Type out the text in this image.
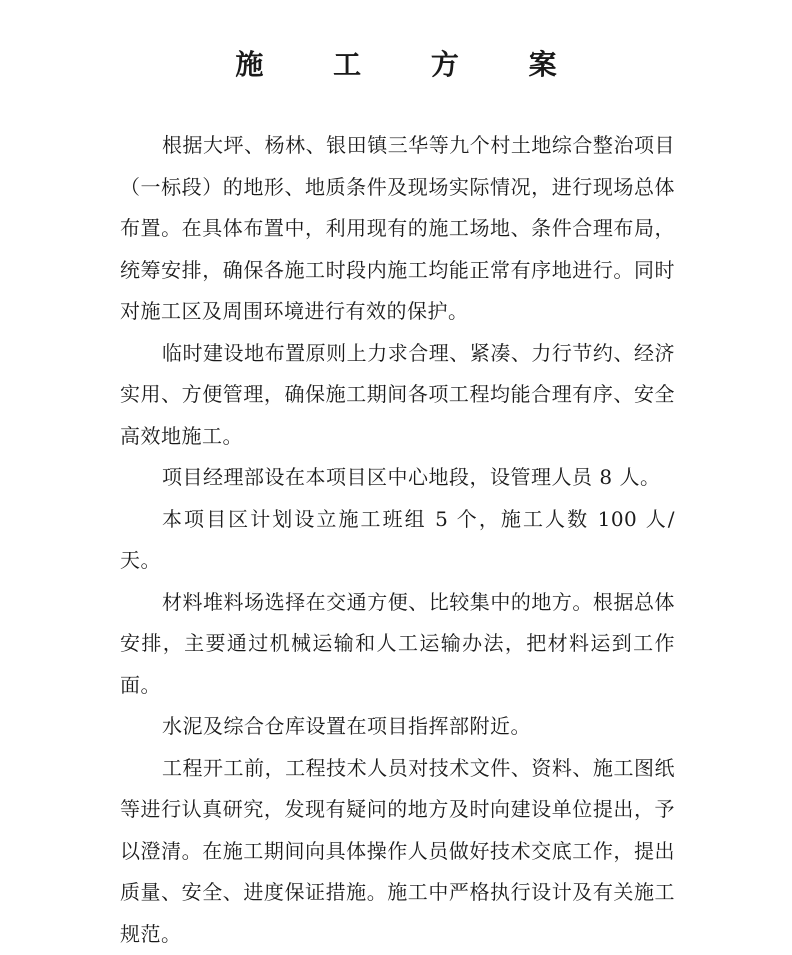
施 工 方 案

根据大坪、杨林、银田镇三华等九个村土地综合整治项目（一标段）的地形、地质条件及现场实际情况，进行现场总体布置。在具体布置中，利用现有的施工场地、条件合理布局，统筹安排，确保各施工时段内施工均能正常有序地进行。同时对施工区及周围环境进行有效的保护。

临时建设地布置原则上力求合理、紧凑、力行节约、经济实用、方便管理，确保施工期间各项工程均能合理有序、安全高效地施工。

项目经理部设在本项目区中心地段，设管理人员 8 人。

本项目区计划设立施工班组 5 个，施工人数 100 人/天。

材料堆料场选择在交通方便、比较集中的地方。根据总体安排，主要通过机械运输和人工运输办法，把材料运到工作面。

水泥及综合仓库设置在项目指挥部附近。

工程开工前，工程技术人员对技术文件、资料、施工图纸等进行认真研究，发现有疑问的地方及时向建设单位提出，予以澄清。在施工期间向具体操作人员做好技术交底工作，提出质量、安全、进度保证措施。施工中严格执行设计及有关施工规范。
